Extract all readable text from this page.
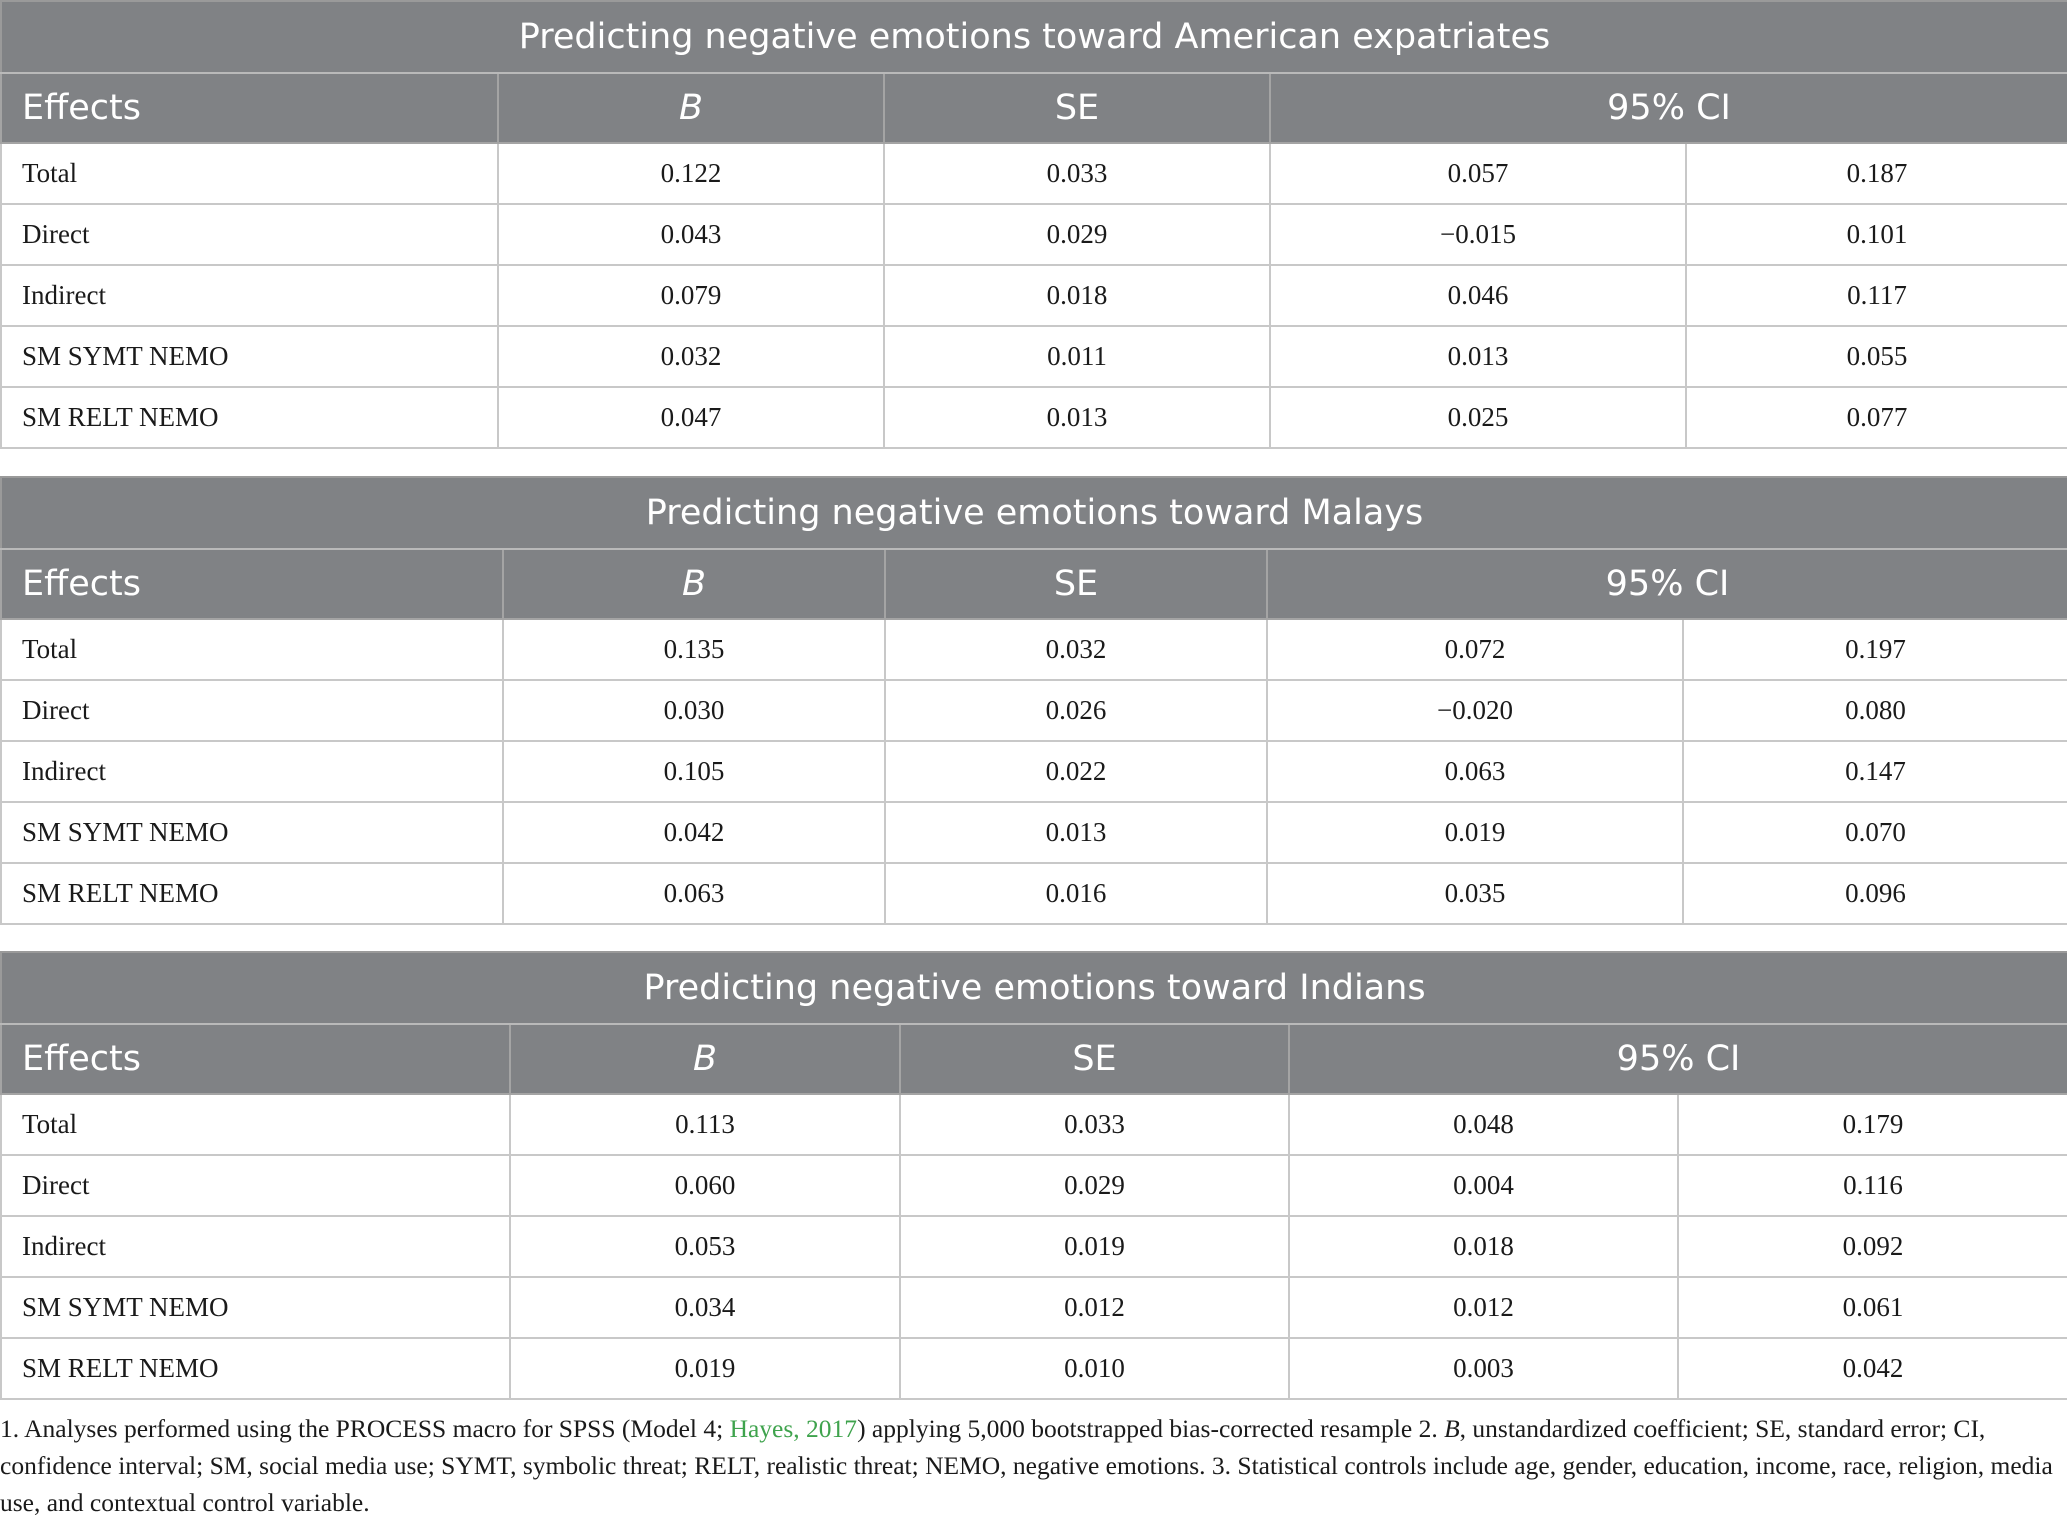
Predicting negative emotions toward American expatriates				
Effects	B	SE	95% CI	
Total	0.122	0.033	0.057	0.187
Direct	0.043	0.029	−0.015	0.101
Indirect	0.079	0.018	0.046	0.117
SM SYMT NEMO	0.032	0.011	0.013	0.055
SM RELT NEMO	0.047	0.013	0.025	0.077
Predicting negative emotions toward Malays				
Effects	B	SE	95% CI	
Total	0.135	0.032	0.072	0.197
Direct	0.030	0.026	−0.020	0.080
Indirect	0.105	0.022	0.063	0.147
SM SYMT NEMO	0.042	0.013	0.019	0.070
SM RELT NEMO	0.063	0.016	0.035	0.096
Predicting negative emotions toward Indians				
Effects	B	SE	95% CI	
Total	0.113	0.033	0.048	0.179
Direct	0.060	0.029	0.004	0.116
Indirect	0.053	0.019	0.018	0.092
SM SYMT NEMO	0.034	0.012	0.012	0.061
SM RELT NEMO	0.019	0.010	0.003	0.042
1. Analyses performed using the PROCESS macro for SPSS (Model 4; Hayes, 2017) applying 5,000 bootstrapped bias-corrected resample 2. B, unstandardized coefficient; SE, standard error; CI, confidence interval; SM, social media use; SYMT, symbolic threat; RELT, realistic threat; NEMO, negative emotions. 3. Statistical controls include age, gender, education, income, race, religion, media use, and contextual control variable.
